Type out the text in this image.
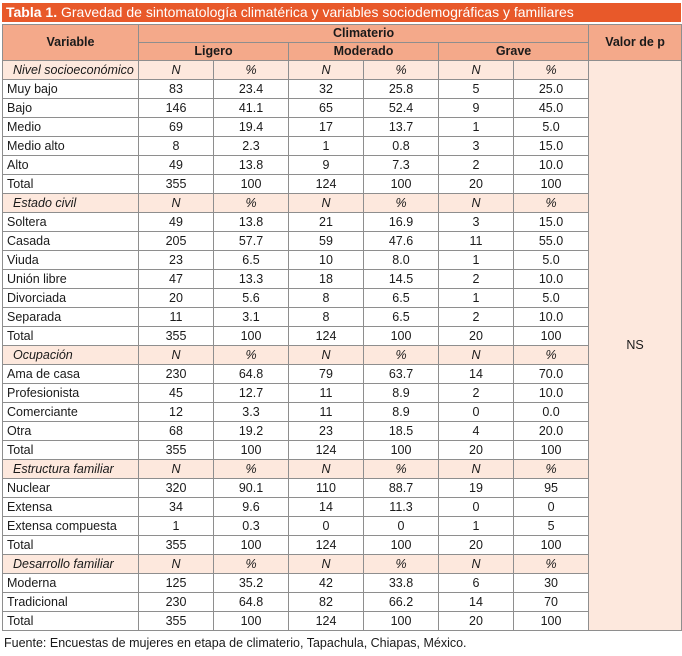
Tabla 1. Gravedad de sintomatología climatérica y variables sociodemográficas y familiares
Variable	Climaterio						Valor de p
	Ligero		Moderado		Grave		
Nivel socioeconómico	N	%	N	%	N	%	NS
Muy bajo	83	23.4	32	25.8	5	25.0	
Bajo	146	41.1	65	52.4	9	45.0	
Medio	69	19.4	17	13.7	1	5.0	
Medio alto	8	2.3	1	0.8	3	15.0	
Alto	49	13.8	9	7.3	2	10.0	
Total	355	100	124	100	20	100	
Estado civil	N	%	N	%	N	%	
Soltera	49	13.8	21	16.9	3	15.0	
Casada	205	57.7	59	47.6	11	55.0	
Viuda	23	6.5	10	8.0	1	5.0	
Unión libre	47	13.3	18	14.5	2	10.0	
Divorciada	20	5.6	8	6.5	1	5.0	
Separada	11	3.1	8	6.5	2	10.0	
Total	355	100	124	100	20	100	
Ocupación	N	%	N	%	N	%	
Ama de casa	230	64.8	79	63.7	14	70.0	
Profesionista	45	12.7	11	8.9	2	10.0	
Comerciante	12	3.3	11	8.9	0	0.0	
Otra	68	19.2	23	18.5	4	20.0	
Total	355	100	124	100	20	100	
Estructura familiar	N	%	N	%	N	%	
Nuclear	320	90.1	110	88.7	19	95	
Extensa	34	9.6	14	11.3	0	0	
Extensa compuesta	1	0.3	0	0	1	5	
Total	355	100	124	100	20	100	
Desarrollo familiar	N	%	N	%	N	%	
Moderna	125	35.2	42	33.8	6	30	
Tradicional	230	64.8	82	66.2	14	70	
Total	355	100	124	100	20	100	
Fuente: Encuestas de mujeres en etapa de climaterio, Tapachula, Chiapas, México.
